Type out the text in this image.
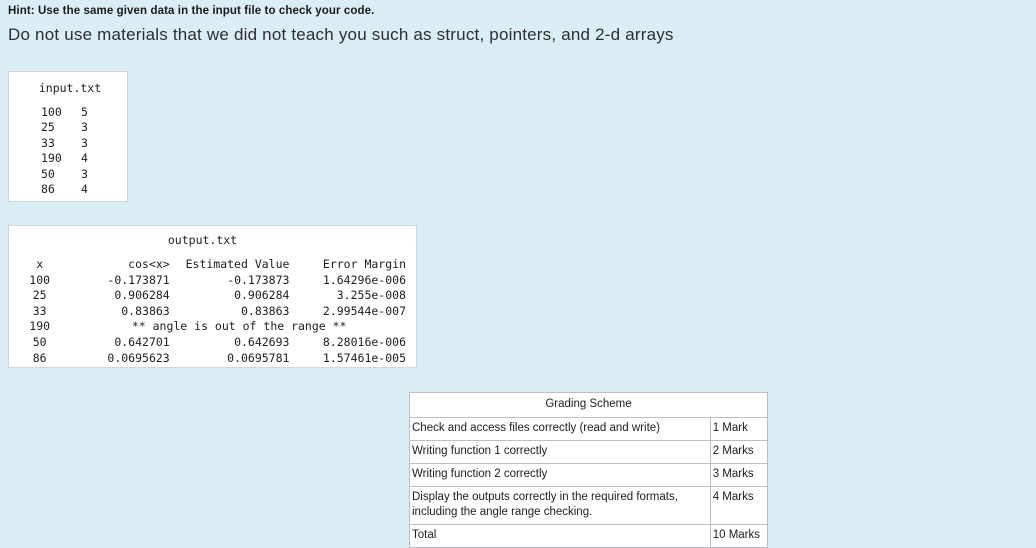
Hint: Use the same given data in the input file to check your code.
Do not use materials that we did not teach you such as struct, pointers, and 2-d arrays
input.txt
100 5
25 3
33 3
190 4
50 3
86 4
output.txt
x	cos<x>	Estimated Value	Error Margin
100	-0.173871	-0.173873	1.64296e-006
25	0.906284	0.906284	3.255e-008
33	0.83863	0.83863	2.99544e-007
190	** angle is out of the range **		
50	0.642701	0.642693	8.28016e-006
86	0.0695623	0.0695781	1.57461e-005
Grading Scheme	
Check and access files correctly (read and write)	1 Mark
Writing function 1 correctly	2 Marks
Writing function 2 correctly	3 Marks
Display the outputs correctly in the required formats, including the angle range checking.	4 Marks
Total	10 Marks
